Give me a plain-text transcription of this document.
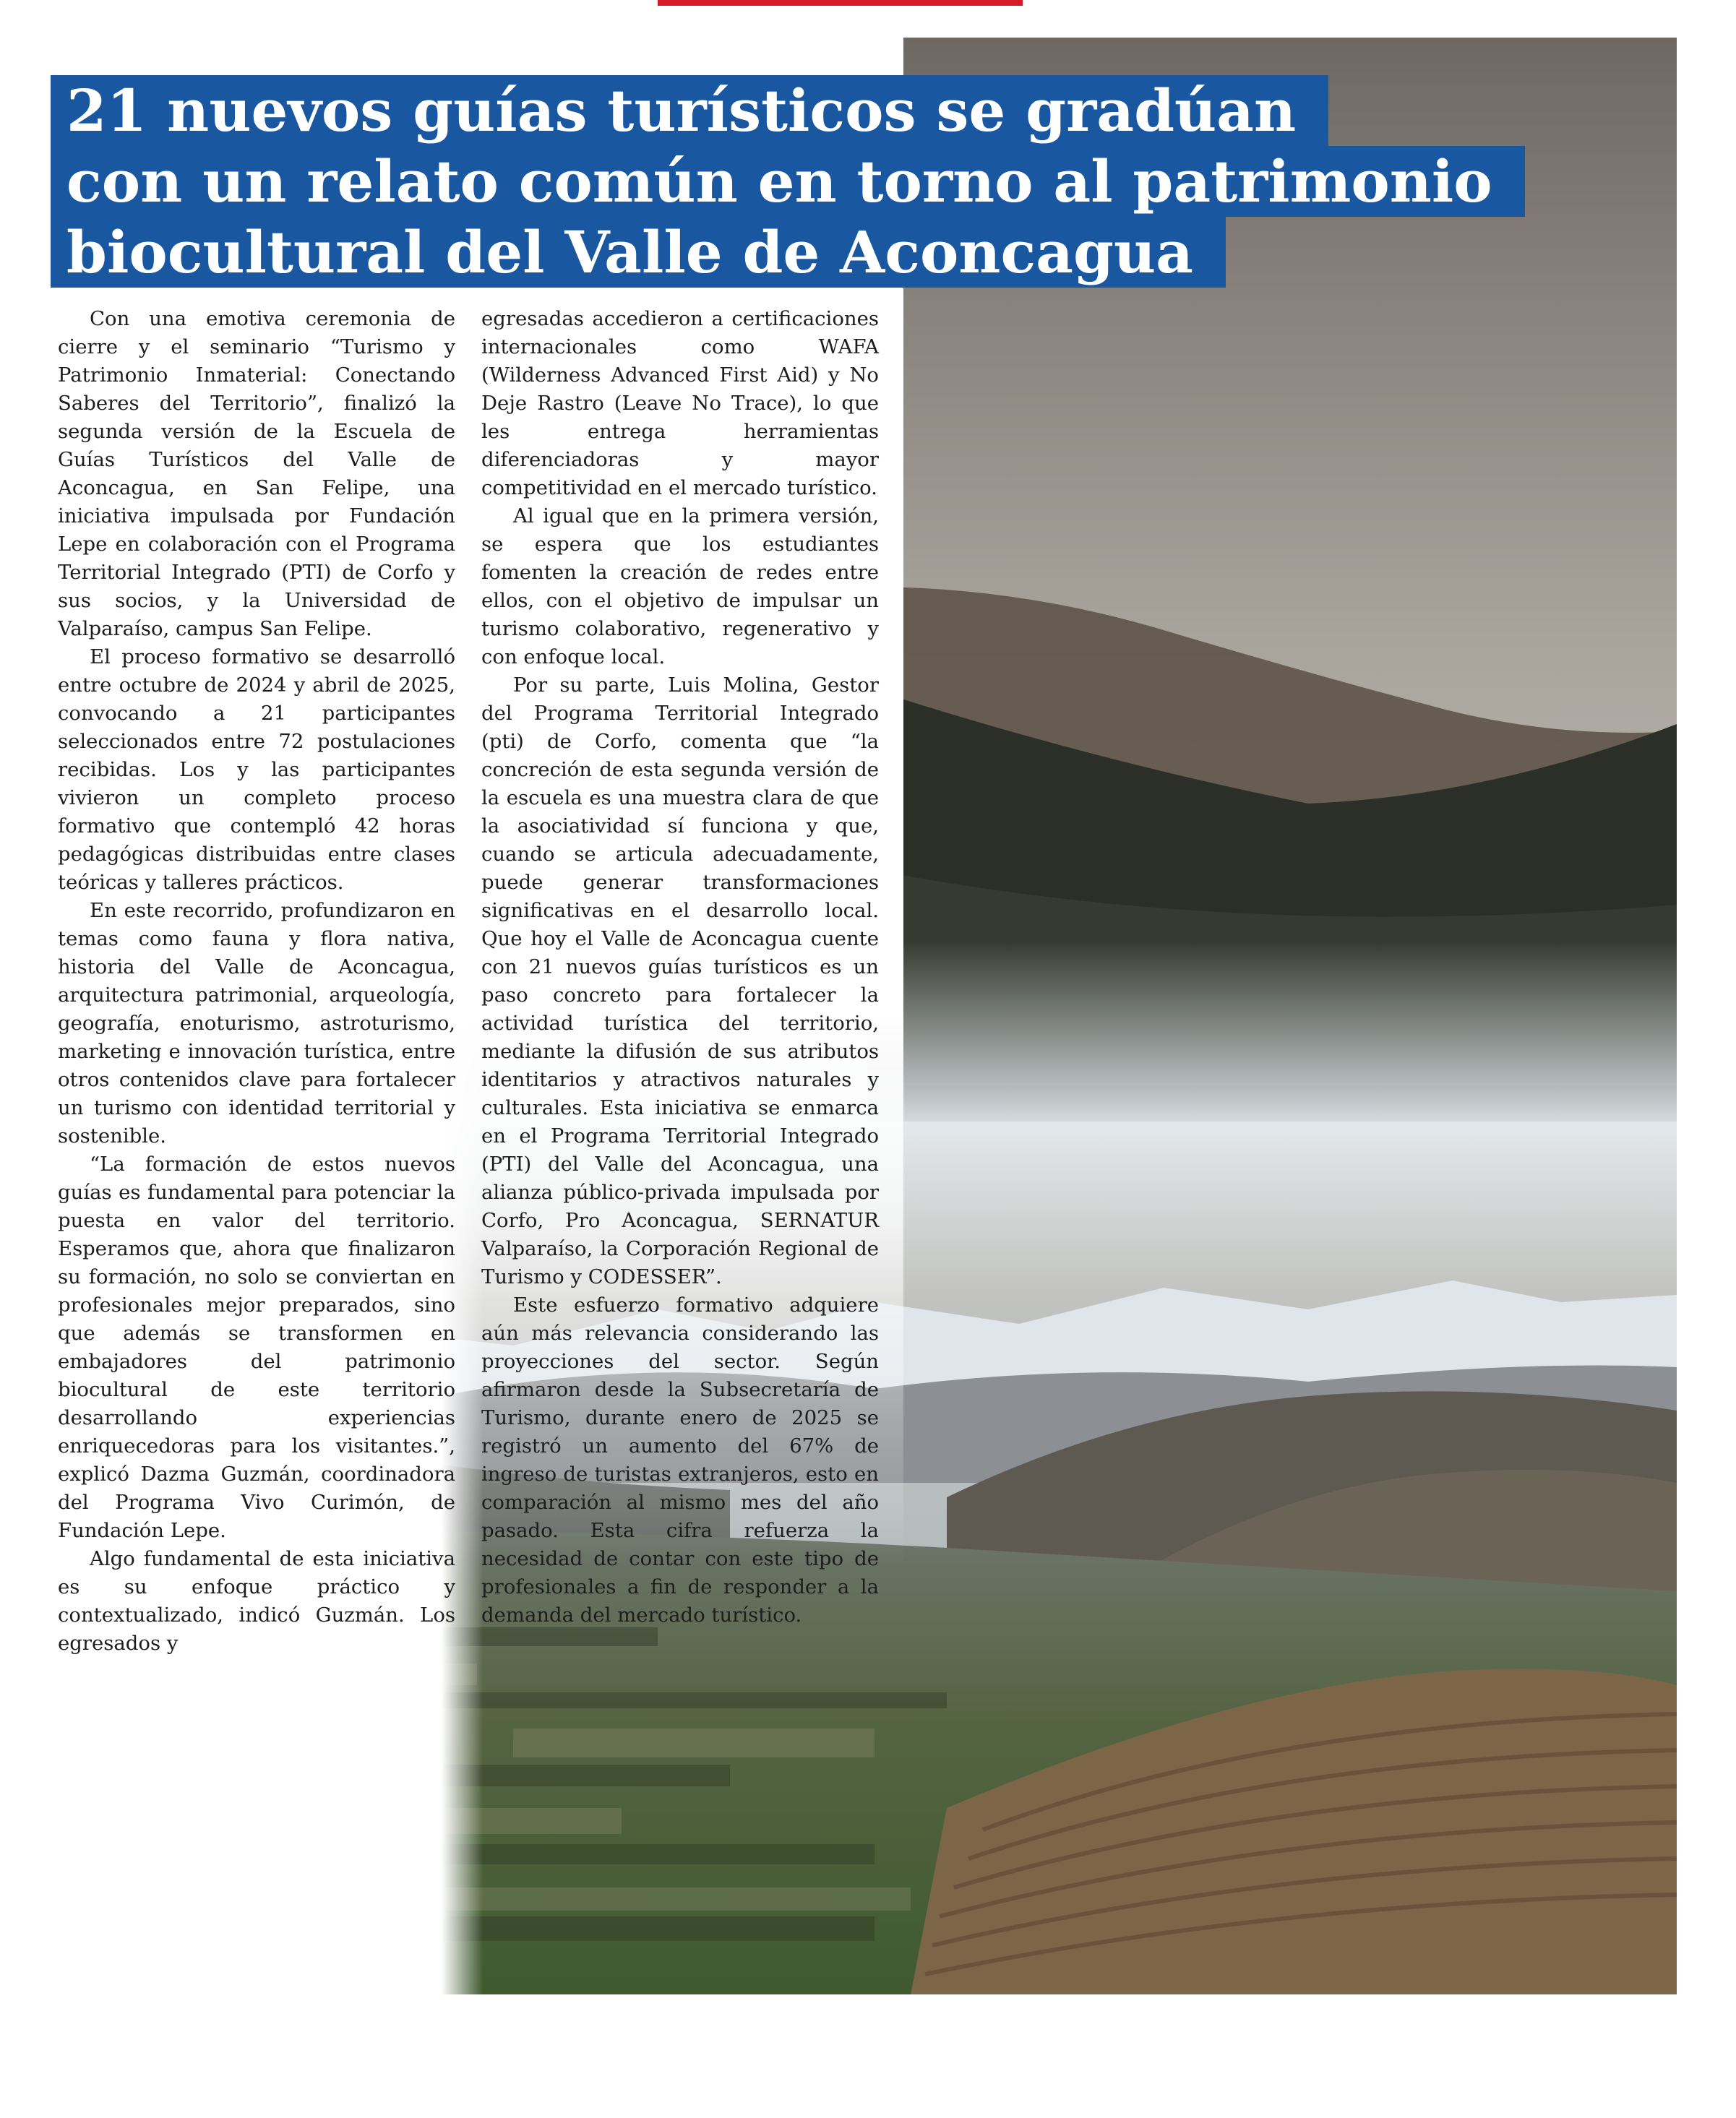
CREDITOS: GOCHILE
21 nuevos guías turísticos se gradúan
con un relato común en torno al patrimonio
biocultural del Valle de Aconcagua

Con una emotiva ceremonia de cierre y el seminario “Turismo y Patrimonio Inmaterial: Conectando Saberes del Territorio”, finalizó la segunda versión de la Escuela de Guías Turísticos del Valle de Aconcagua, en San Felipe, una iniciativa impulsada por Fundación Lepe en colaboración con el Programa Territorial Integrado (PTI) de Corfo y sus socios, y la Universidad de Valparaíso, campus San Felipe.

El proceso formativo se desarrolló entre octubre de 2024 y abril de 2025, convocando a 21 participantes seleccionados entre 72 postulaciones recibidas. Los y las participantes vivieron un completo proceso formativo que contempló 42 horas pedagógicas distribuidas entre clases teóricas y talleres prácticos.

En este recorrido, profundizaron en temas como fauna y flora nativa, historia del Valle de Aconcagua, arquitectura patrimonial, arqueología, geografía, enoturismo, astroturismo, marketing e innovación turística, entre otros contenidos clave para fortalecer un turismo con identidad territorial y sostenible.

“La formación de estos nuevos guías es fundamental para potenciar la puesta en valor del territorio. Esperamos que, ahora que finalizaron su formación, no solo se conviertan en profesionales mejor preparados, sino que además se transformen en embajadores del patrimonio biocultural de este territorio desarrollando experiencias enriquecedoras para los visitantes.”, explicó Dazma Guzmán, coordinadora del Programa Vivo Curimón, de Fundación Lepe.

Algo fundamental de esta iniciativa es su enfoque práctico y contextualizado, indicó Guzmán. Los egresados y

egresadas accedieron a certificaciones internacionales como WAFA (Wilderness Advanced First Aid) y No Deje Rastro (Leave No Trace), lo que les entrega herramientas diferenciadoras y mayor competitividad en el mercado turístico.

Al igual que en la primera versión, se espera que los estudiantes fomenten la creación de redes entre ellos, con el objetivo de impulsar un turismo colaborativo, regenerativo y con enfoque local.

Por su parte, Luis Molina, Gestor del Programa Territorial Integrado (pti) de Corfo, comenta que “la concreción de esta segunda versión de la escuela es una muestra clara de que la asociatividad sí funciona y que, cuando se articula adecuadamente, puede generar transformaciones significativas en el desarrollo local. Que hoy el Valle de Aconcagua cuente con 21 nuevos guías turísticos es un paso concreto para fortalecer la actividad turística del territorio, mediante la difusión de sus atributos identitarios y atractivos naturales y culturales. Esta iniciativa se enmarca en el Programa Territorial Integrado (PTI) del Valle del Aconcagua, una alianza público-privada impulsada por Corfo, Pro Aconcagua, SERNATUR Valparaíso, la Corporación Regional de Turismo y CODESSER”.

Este esfuerzo formativo adquiere aún más relevancia considerando las proyecciones del sector. Según afirmaron desde la Subsecretaría de Turismo, durante enero de 2025 se registró un aumento del 67% de ingreso de turistas extranjeros, esto en comparación al mismo mes del año pasado. Esta cifra refuerza la necesidad de contar con este tipo de profesionales a fin de responder a la demanda del mercado turístico.
